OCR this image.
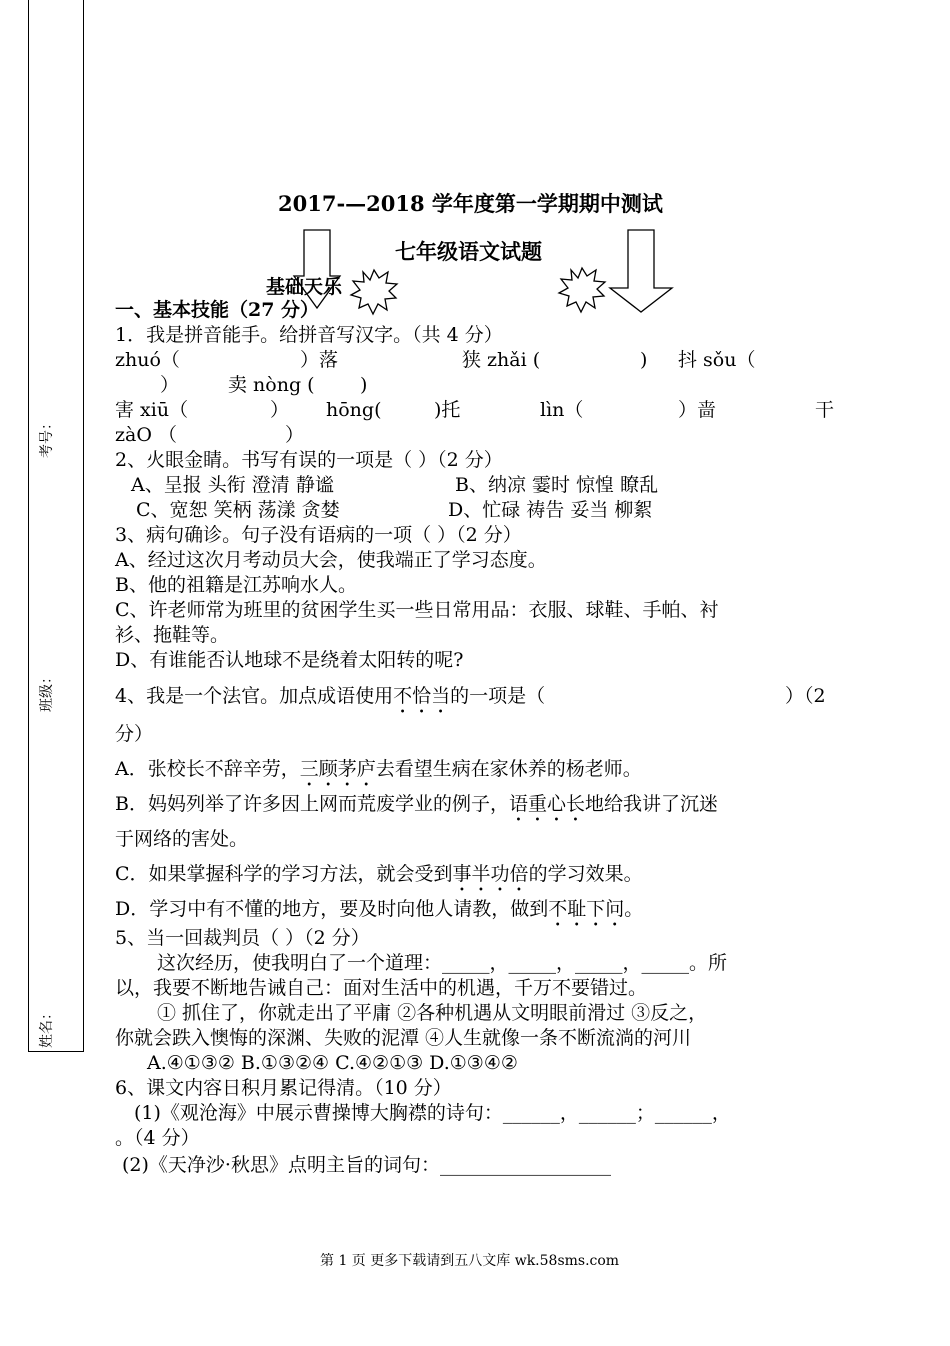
考号：
班级：
姓名：
2017-—2018 学年度第一学期期中测试
七年级语文试题
基础天乐
一、基本技能（27 分）
1．我是拼音能手。给拼音写汉字。（共 4 分）
zhuó（	）落	狭 zhǎi (	) 抖 sǒu（
）	卖 nòng ( )
害 xiū（	） hōng(	)托	lìn（	）啬	干
zàO （	）
2、火眼金睛。书写有误的一项是（ ）（2 分）
A、呈报 头衔 澄清 静谧	B、纳凉 霎时 惊惶 瞭乱
C、宽恕 笑柄 荡漾 贪婪	D、忙碌 祷告 妥当 柳絮
3、病句确诊。句子没有语病的一项（ ）（2 分）
A、经过这次月考动员大会，使我端正了学习态度。
B、他的祖籍是江苏响水人。
C、许老师常为班里的贫困学生买一些日常用品：衣服、球鞋、手帕、衬
衫、拖鞋等。
D、有谁能否认地球不是绕着太阳转的呢?
4、我是一个法官。加点成语使用不恰当的一项是（	）（2
分）
A．张校长不辞辛劳，三顾茅庐去看望生病在家休养的杨老师。
B．妈妈列举了许多因上网而荒废学业的例子，语重心长地给我讲了沉迷
于网络的害处。
C．如果掌握科学的学习方法，就会受到事半功倍的学习效果。
D．学习中有不懂的地方，要及时向他人请教，做到不耻下问。
5、当一回裁判员（ ）（2 分）
这次经历，使我明白了一个道理：_____，_____，_____，_____。所
以，我要不断地告诫自己：面对生活中的机遇，千万不要错过。
① 抓住了，你就走出了平庸 ②各种机遇从文明眼前滑过 ③反之，
你就会跌入懊悔的深渊、失败的泥潭 ④人生就像一条不断流淌的河川
A.④①③② B.①③②④ C.④②①③ D.①③④②
6、课文内容日积月累记得清。（10 分）
(1)《观沧海》中展示曹操博大胸襟的诗句：______，______；______，
。（4 分）
(2)《天净沙·秋思》点明主旨的词句：__________________
第 1 页 更多下载请到五八文库 wk.58sms.com
